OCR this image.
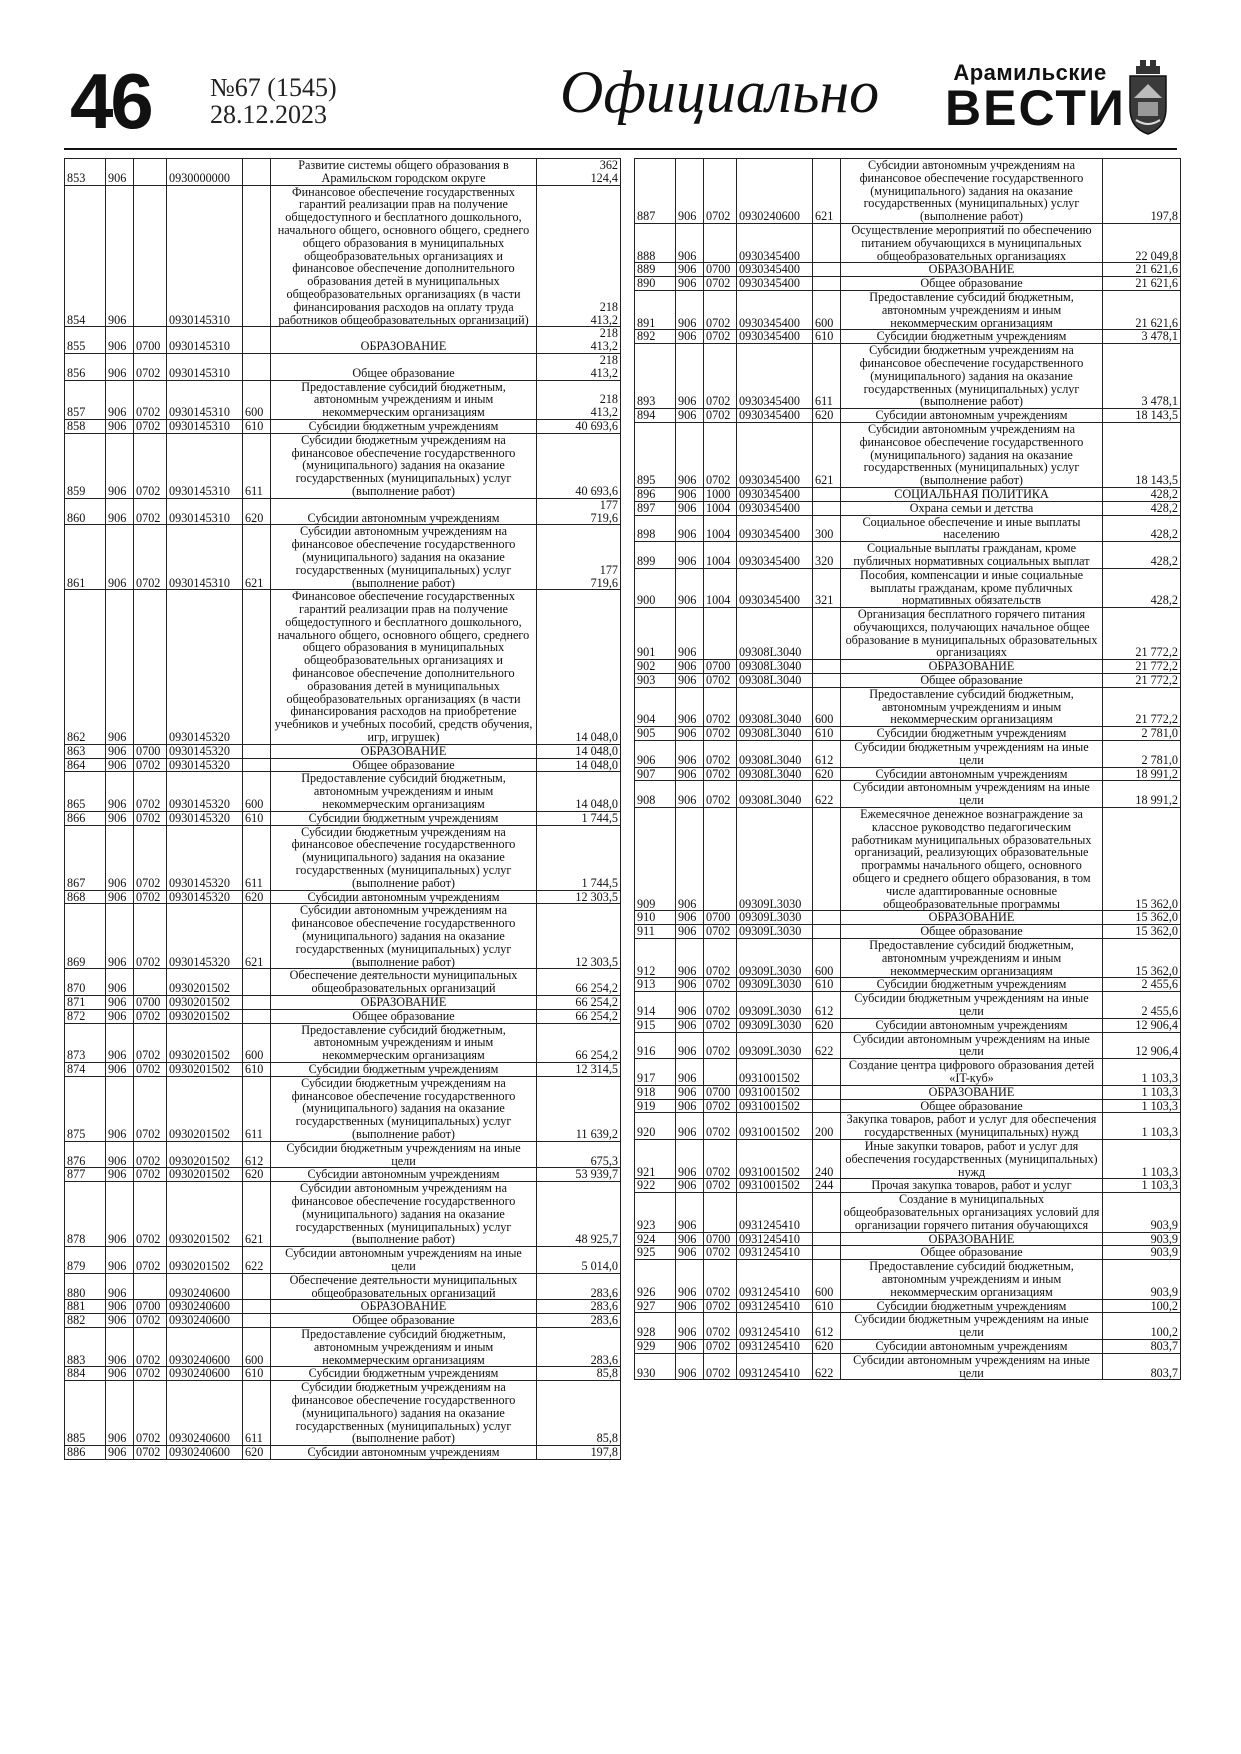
46 №67 (1545)
28.12.2023	Официально	Арамильские
ВЕСТИ
853	906		0930000000		Развитие системы общего образования в Арамильском городском округе	362
124,4
854	906		0930145310		Финансовое обеспечение государственных гарантий реализации прав на получение общедоступного и бесплатного дошкольного, начального общего, основного общего, среднего общего образования в муниципальных общеобразовательных организациях и финансовое обеспечение дополнительного образования детей в муниципальных общеобразовательных организациях (в части финансирования расходов на оплату труда работников общеобразовательных организаций)	218
413,2
855	906	0700	0930145310		ОБРАЗОВАНИЕ	218
413,2
856	906	0702	0930145310		Общее образование	218
413,2
857	906	0702	0930145310	600	Предоставление субсидий бюджетным, автономным учреждениям и иным некоммерческим организациям	218
413,2
858	906	0702	0930145310	610	Субсидии бюджетным учреждениям	40 693,6
859	906	0702	0930145310	611	Субсидии бюджетным учреждениям на финансовое обеспечение государственного (муниципального) задания на оказание государственных (муниципальных) услуг (выполнение работ)	40 693,6
860	906	0702	0930145310	620	Субсидии автономным учреждениям	177
719,6
861	906	0702	0930145310	621	Субсидии автономным учреждениям на финансовое обеспечение государственного (муниципального) задания на оказание государственных (муниципальных) услуг (выполнение работ)	177
719,6
862	906		0930145320		Финансовое обеспечение государственных гарантий реализации прав на получение общедоступного и бесплатного дошкольного, начального общего, основного общего, среднего общего образования в муниципальных общеобразовательных организациях и финансовое обеспечение дополнительного образования детей в муниципальных общеобразовательных организациях (в части финансирования расходов на приобретение учебников и учебных пособий, средств обучения, игр, игрушек)	14 048,0
863	906	0700	0930145320		ОБРАЗОВАНИЕ	14 048,0
864	906	0702	0930145320		Общее образование	14 048,0
865	906	0702	0930145320	600	Предоставление субсидий бюджетным, автономным учреждениям и иным некоммерческим организациям	14 048,0
866	906	0702	0930145320	610	Субсидии бюджетным учреждениям	1 744,5
867	906	0702	0930145320	611	Субсидии бюджетным учреждениям на финансовое обеспечение государственного (муниципального) задания на оказание государственных (муниципальных) услуг (выполнение работ)	1 744,5
868	906	0702	0930145320	620	Субсидии автономным учреждениям	12 303,5
869	906	0702	0930145320	621	Субсидии автономным учреждениям на финансовое обеспечение государственного (муниципального) задания на оказание государственных (муниципальных) услуг (выполнение работ)	12 303,5
870	906		0930201502		Обеспечение деятельности муниципальных общеобразовательных организаций	66 254,2
871	906	0700	0930201502		ОБРАЗОВАНИЕ	66 254,2
872	906	0702	0930201502		Общее образование	66 254,2
873	906	0702	0930201502	600	Предоставление субсидий бюджетным, автономным учреждениям и иным некоммерческим организациям	66 254,2
874	906	0702	0930201502	610	Субсидии бюджетным учреждениям	12 314,5
875	906	0702	0930201502	611	Субсидии бюджетным учреждениям на финансовое обеспечение государственного (муниципального) задания на оказание государственных (муниципальных) услуг (выполнение работ)	11 639,2
876	906	0702	0930201502	612	Субсидии бюджетным учреждениям на иные цели	675,3
877	906	0702	0930201502	620	Субсидии автономным учреждениям	53 939,7
878	906	0702	0930201502	621	Субсидии автономным учреждениям на финансовое обеспечение государственного (муниципального) задания на оказание государственных (муниципальных) услуг (выполнение работ)	48 925,7
879	906	0702	0930201502	622	Субсидии автономным учреждениям на иные цели	5 014,0
880	906		0930240600		Обеспечение деятельности муниципальных общеобразовательных организаций	283,6
881	906	0700	0930240600		ОБРАЗОВАНИЕ	283,6
882	906	0702	0930240600		Общее образование	283,6
883	906	0702	0930240600	600	Предоставление субсидий бюджетным, автономным учреждениям и иным некоммерческим организациям	283,6
884	906	0702	0930240600	610	Субсидии бюджетным учреждениям	85,8
885	906	0702	0930240600	611	Субсидии бюджетным учреждениям на финансовое обеспечение государственного (муниципального) задания на оказание государственных (муниципальных) услуг (выполнение работ)	85,8
886	906	0702	0930240600	620	Субсидии автономным учреждениям	197,8
887	906	0702	0930240600	621	Субсидии автономным учреждениям на финансовое обеспечение государственного (муниципального) задания на оказание государственных (муниципальных) услуг (выполнение работ)	197,8
888	906		0930345400		Осуществление мероприятий по обеспечению питанием обучающихся в муниципальных общеобразовательных организациях	22 049,8
889	906	0700	0930345400		ОБРАЗОВАНИЕ	21 621,6
890	906	0702	0930345400		Общее образование	21 621,6
891	906	0702	0930345400	600	Предоставление субсидий бюджетным, автономным учреждениям и иным некоммерческим организациям	21 621,6
892	906	0702	0930345400	610	Субсидии бюджетным учреждениям	3 478,1
893	906	0702	0930345400	611	Субсидии бюджетным учреждениям на финансовое обеспечение государственного (муниципального) задания на оказание государственных (муниципальных) услуг (выполнение работ)	3 478,1
894	906	0702	0930345400	620	Субсидии автономным учреждениям	18 143,5
895	906	0702	0930345400	621	Субсидии автономным учреждениям на финансовое обеспечение государственного (муниципального) задания на оказание государственных (муниципальных) услуг (выполнение работ)	18 143,5
896	906	1000	0930345400		СОЦИАЛЬНАЯ ПОЛИТИКА	428,2
897	906	1004	0930345400		Охрана семьи и детства	428,2
898	906	1004	0930345400	300	Социальное обеспечение и иные выплаты населению	428,2
899	906	1004	0930345400	320	Социальные выплаты гражданам, кроме публичных нормативных социальных выплат	428,2
900	906	1004	0930345400	321	Пособия, компенсации и иные социальные выплаты гражданам, кроме публичных нормативных обязательств	428,2
901	906		09308L3040		Организация бесплатного горячего питания обучающихся, получающих начальное общее образование в муниципальных образовательных организациях	21 772,2
902	906	0700	09308L3040		ОБРАЗОВАНИЕ	21 772,2
903	906	0702	09308L3040		Общее образование	21 772,2
904	906	0702	09308L3040	600	Предоставление субсидий бюджетным, автономным учреждениям и иным некоммерческим организациям	21 772,2
905	906	0702	09308L3040	610	Субсидии бюджетным учреждениям	2 781,0
906	906	0702	09308L3040	612	Субсидии бюджетным учреждениям на иные цели	2 781,0
907	906	0702	09308L3040	620	Субсидии автономным учреждениям	18 991,2
908	906	0702	09308L3040	622	Субсидии автономным учреждениям на иные цели	18 991,2
909	906		09309L3030		Ежемесячное денежное вознаграждение за классное руководство педагогическим работникам муниципальных образовательных организаций, реализующих образовательные программы начального общего, основного общего и среднего общего образования, в том числе адаптированные основные общеобразовательные программы	15 362,0
910	906	0700	09309L3030		ОБРАЗОВАНИЕ	15 362,0
911	906	0702	09309L3030		Общее образование	15 362,0
912	906	0702	09309L3030	600	Предоставление субсидий бюджетным, автономным учреждениям и иным некоммерческим организациям	15 362,0
913	906	0702	09309L3030	610	Субсидии бюджетным учреждениям	2 455,6
914	906	0702	09309L3030	612	Субсидии бюджетным учреждениям на иные цели	2 455,6
915	906	0702	09309L3030	620	Субсидии автономным учреждениям	12 906,4
916	906	0702	09309L3030	622	Субсидии автономным учреждениям на иные цели	12 906,4
917	906		0931001502		Создание центра цифрового образования детей «IT-куб»	1 103,3
918	906	0700	0931001502		ОБРАЗОВАНИЕ	1 103,3
919	906	0702	0931001502		Общее образование	1 103,3
920	906	0702	0931001502	200	Закупка товаров, работ и услуг для обеспечения государственных (муниципальных) нужд	1 103,3
921	906	0702	0931001502	240	Иные закупки товаров, работ и услуг для обеспечения государственных (муниципальных) нужд	1 103,3
922	906	0702	0931001502	244	Прочая закупка товаров, работ и услуг	1 103,3
923	906		0931245410		Создание в муниципальных общеобразовательных организациях условий для организации горячего питания обучающихся	903,9
924	906	0700	0931245410		ОБРАЗОВАНИЕ	903,9
925	906	0702	0931245410		Общее образование	903,9
926	906	0702	0931245410	600	Предоставление субсидий бюджетным, автономным учреждениям и иным некоммерческим организациям	903,9
927	906	0702	0931245410	610	Субсидии бюджетным учреждениям	100,2
928	906	0702	0931245410	612	Субсидии бюджетным учреждениям на иные цели	100,2
929	906	0702	0931245410	620	Субсидии автономным учреждениям	803,7
930	906	0702	0931245410	622	Субсидии автономным учреждениям на иные цели	803,7
